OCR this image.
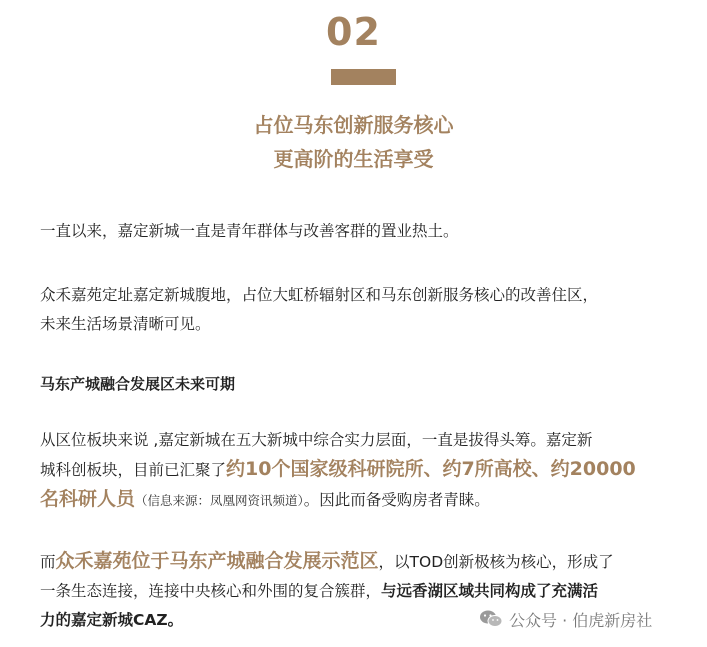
02
占位马东创新服务核心
更高阶的生活享受
一直以来，嘉定新城一直是青年群体与改善客群的置业热土。
众禾嘉苑定址嘉定新城腹地，占位大虹桥辐射区和马东创新服务核心的改善住区，
未来生活场景清晰可见。
马东产城融合发展区未来可期
从区位板块来说 ,嘉定新城在五大新城中综合实力层面，一直是拔得头筹。嘉定新
城科创板块，目前已汇聚了约10个国家级科研院所、约7所高校、约20000
名科研人员（信息来源：凤凰网资讯频道）。因此而备受购房者青睐。
而众禾嘉苑位于马东产城融合发展示范区，以TOD创新极核为核心，形成了
一条生态连接，连接中央核心和外围的复合簇群，与远香湖区域共同构成了充满活
力的嘉定新城CAZ。	公众号 · 伯虎新房社
